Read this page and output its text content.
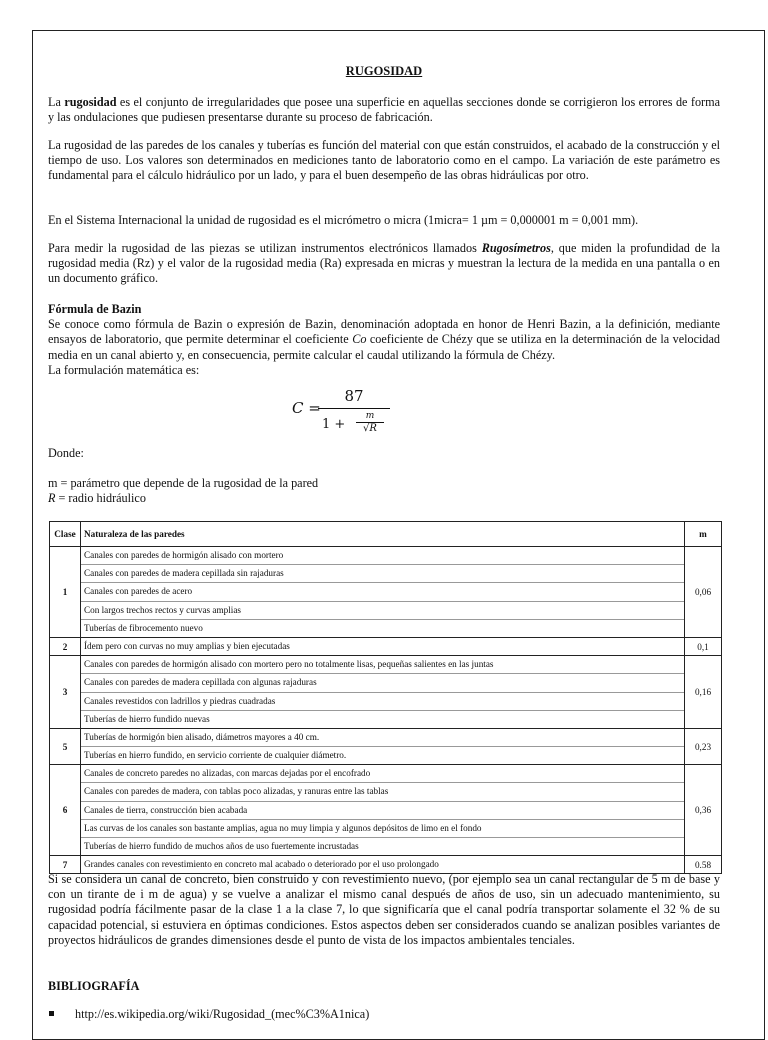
RUGOSIDAD

La rugosidad es el conjunto de irregularidades que posee una superficie en aquellas secciones donde se corrigieron los errores de forma y las ondulaciones que pudiesen presentarse durante su proceso de fabricación.

La rugosidad de las paredes de los canales y tuberías es función del material con que están construidos, el acabado de la construcción y el tiempo de uso. Los valores son determinados en mediciones tanto de laboratorio como en el campo. La variación de este parámetro es fundamental para el cálculo hidráulico por un lado, y para el buen desempeño de las obras hidráulicas por otro.

En el Sistema Internacional la unidad de rugosidad es el micrómetro o micra (1micra= 1 µm = 0,000001 m = 0,001 mm).

Para medir la rugosidad de las piezas se utilizan instrumentos electrónicos llamados Rugosímetros, que miden la profundidad de la rugosidad media (Rz) y el valor de la rugosidad media (Ra) expresada en micras y muestran la lectura de la medida en una pantalla o en un documento gráfico.

Fórmula de Bazin
Se conoce como fórmula de Bazin o expresión de Bazin, denominación adoptada en honor de Henri Bazin, a la definición, mediante ensayos de laboratorio, que permite determinar el coeficiente Co coeficiente de Chézy que se utiliza en la determinación de la velocidad media en un canal abierto y, en consecuencia, permite calcular el caudal utilizando la fórmula de Chézy.
La formulación matemática es:

Donde:

m = parámetro que depende de la rugosidad de la pared
R = radio hidráulico

Si se considera un canal de concreto, bien construido y con revestimiento nuevo, (por ejemplo sea un canal rectangular de 5 m de base y con un tirante de i m de agua) y se vuelve a analizar el mismo canal después de años de uso, sin un adecuado mantenimiento, su rugosidad podría fácilmente pasar de la clase 1 a la clase 7, lo que significaría que el canal podría transportar solamente el 32 % de su capacidad potencial, si estuviera en óptimas condiciones. Estos aspectos deben ser considerados cuando se analizan posibles variantes de proyectos hidráulicos de grandes dimensiones desde el punto de vista de los impactos ambientales tenciales.

BIBLIOGRAFÍA

C =
87
1 +
m
√R
Clase	Naturaleza de las paredes	m
1	Canales con paredes de hormigón alisado con mortero
Canales con paredes de madera cepillada sin rajaduras
Canales con paredes de acero
Con largos trechos rectos y curvas amplias
Tuberías de fibrocemento nuevo	0,06
2	Ídem pero con curvas no muy amplias y bien ejecutadas	0,1
3	Canales con paredes de hormigón alisado con mortero pero no totalmente lisas, pequeñas salientes en las juntas
Canales con paredes de madera cepillada con algunas rajaduras
Canales revestidos con ladrillos y piedras cuadradas
Tuberías de hierro fundido nuevas	0,16
5	Tuberías de hormigón bien alisado, diámetros mayores a 40 cm.
Tuberías en hierro fundido, en servicio corriente de cualquier diámetro.	0,23
6	Canales de concreto paredes no alizadas, con marcas dejadas por el encofrado
Canales con paredes de madera, con tablas poco alizadas, y ranuras entre las tablas
Canales de tierra, construcción bien acabada
Las curvas de los canales son bastante amplias, agua no muy limpia y algunos depósitos de limo en el fondo
Tuberías de hierro fundido de muchos años de uso fuertemente incrustadas	0,36
7	Grandes canales con revestimiento en concreto mal acabado o deteriorado por el uso prolongado	0.58
http://es.wikipedia.org/wiki/Rugosidad_(mec%C3%A1nica)
